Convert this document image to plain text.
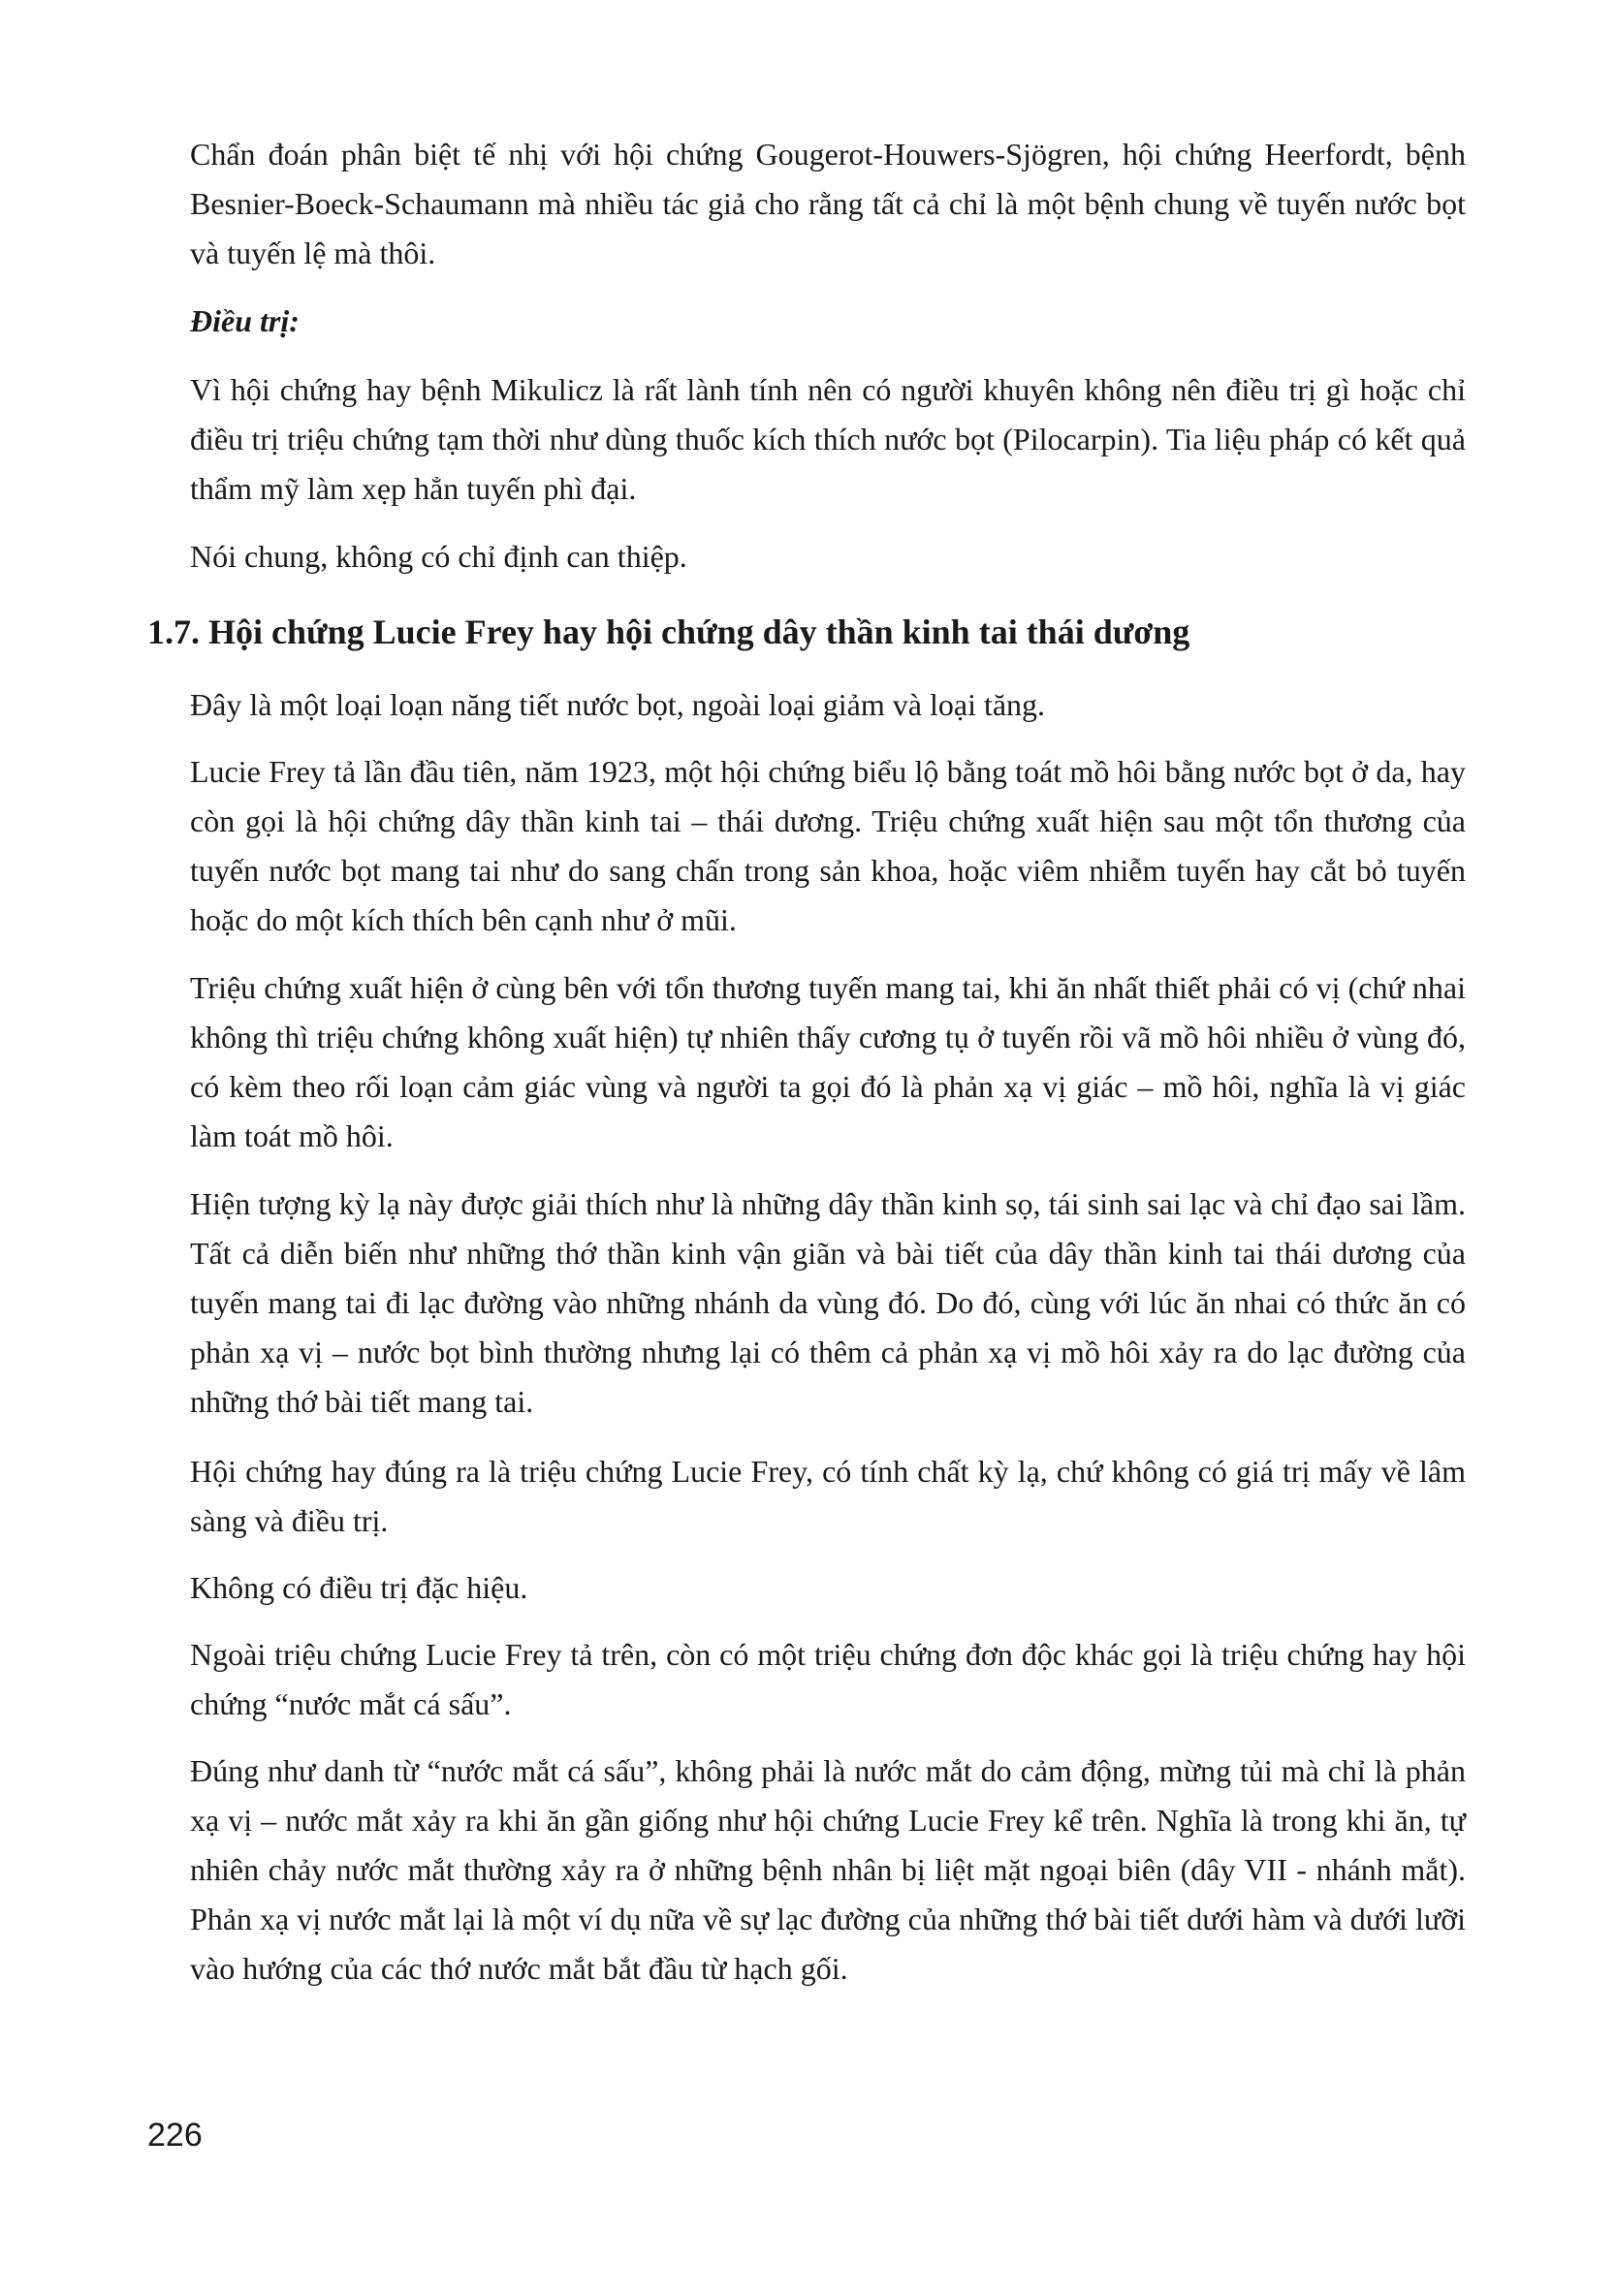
Chẩn đoán phân biệt tế nhị với hội chứng Gougerot-Houwers-Sjögren, hội chứng Heerfordt, bệnh Besnier-Boeck-Schaumann mà nhiều tác giả cho rằng tất cả chỉ là một bệnh chung về tuyến nước bọt và tuyến lệ mà thôi.

Điều trị:

Vì hội chứng hay bệnh Mikulicz là rất lành tính nên có người khuyên không nên điều trị gì hoặc chỉ điều trị triệu chứng tạm thời như dùng thuốc kích thích nước bọt (Pilocarpin). Tia liệu pháp có kết quả thẩm mỹ làm xẹp hẳn tuyến phì đại.

Nói chung, không có chỉ định can thiệp.

1.7. Hội chứng Lucie Frey hay hội chứng dây thần kinh tai thái dương

Đây là một loại loạn năng tiết nước bọt, ngoài loại giảm và loại tăng.

Lucie Frey tả lần đầu tiên, năm 1923, một hội chứng biểu lộ bằng toát mồ hôi bằng nước bọt ở da, hay còn gọi là hội chứng dây thần kinh tai – thái dương. Triệu chứng xuất hiện sau một tổn thương của tuyến nước bọt mang tai như do sang chấn trong sản khoa, hoặc viêm nhiễm tuyến hay cắt bỏ tuyến hoặc do một kích thích bên cạnh như ở mũi.

Triệu chứng xuất hiện ở cùng bên với tổn thương tuyến mang tai, khi ăn nhất thiết phải có vị (chứ nhai không thì triệu chứng không xuất hiện) tự nhiên thấy cương tụ ở tuyến rồi vã mồ hôi nhiều ở vùng đó, có kèm theo rối loạn cảm giác vùng và người ta gọi đó là phản xạ vị giác – mồ hôi, nghĩa là vị giác làm toát mồ hôi.

Hiện tượng kỳ lạ này được giải thích như là những dây thần kinh sọ, tái sinh sai lạc và chỉ đạo sai lầm. Tất cả diễn biến như những thớ thần kinh vận giãn và bài tiết của dây thần kinh tai thái dương của tuyến mang tai đi lạc đường vào những nhánh da vùng đó. Do đó, cùng với lúc ăn nhai có thức ăn có phản xạ vị – nước bọt bình thường nhưng lại có thêm cả phản xạ vị mồ hôi xảy ra do lạc đường của những thớ bài tiết mang tai.

Hội chứng hay đúng ra là triệu chứng Lucie Frey, có tính chất kỳ lạ, chứ không có giá trị mấy về lâm sàng và điều trị.

Không có điều trị đặc hiệu.

Ngoài triệu chứng Lucie Frey tả trên, còn có một triệu chứng đơn độc khác gọi là triệu chứng hay hội chứng “nước mắt cá sấu”.

Đúng như danh từ “nước mắt cá sấu”, không phải là nước mắt do cảm động, mừng tủi mà chỉ là phản xạ vị – nước mắt xảy ra khi ăn gần giống như hội chứng Lucie Frey kể trên. Nghĩa là trong khi ăn, tự nhiên chảy nước mắt thường xảy ra ở những bệnh nhân bị liệt mặt ngoại biên (dây VII - nhánh mắt). Phản xạ vị nước mắt lại là một ví dụ nữa về sự lạc đường của những thớ bài tiết dưới hàm và dưới lưỡi vào hướng của các thớ nước mắt bắt đầu từ hạch gối.

226
